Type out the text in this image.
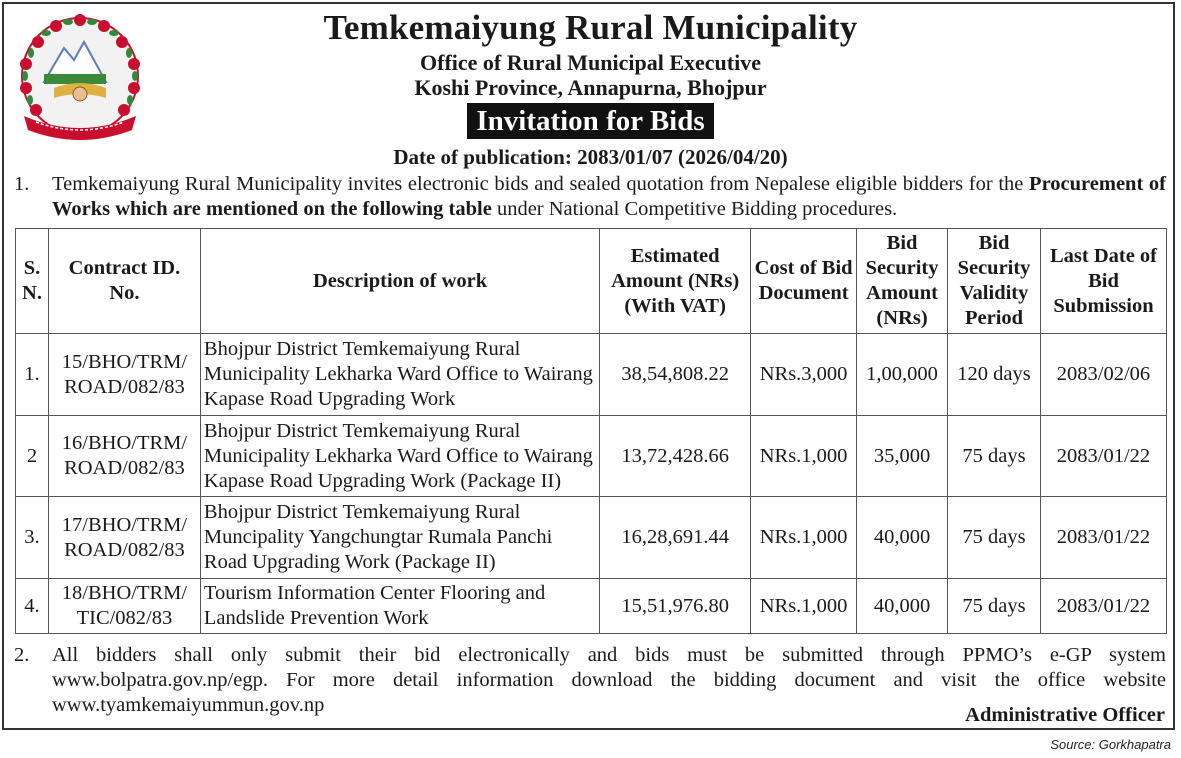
Temkemaiyung Rural Municipality
Office of Rural Municipal Executive
Koshi Province, Annapurna, Bhojpur
Invitation for Bids
Date of publication: 2083/01/07 (2026/04/20)
1. Temkemaiyung Rural Municipality invites electronic bids and sealed quotation from Nepalese eligible bidders for the Procurement of Works which are mentioned on the following table under National Competitive Bidding procedures.
S. N.	Contract ID. No.	Description of work	Estimated Amount (NRs) (With VAT)	Cost of Bid Document	Bid Security Amount (NRs)	Bid Security Validity Period	Last Date of Bid Submission
1.	15/BHO/TRM/ ROAD/082/83	Bhojpur District Temkemaiyung Rural Municipality Lekharka Ward Office to Wairang Kapase Road Upgrading Work	38,54,808.22	NRs.3,000	1,00,000	120 days	2083/02/06
2	16/BHO/TRM/ ROAD/082/83	Bhojpur District Temkemaiyung Rural Municipality Lekharka Ward Office to Wairang Kapase Road Upgrading Work (Package II)	13,72,428.66	NRs.1,000	35,000	75 days	2083/01/22
3.	17/BHO/TRM/ ROAD/082/83	Bhojpur District Temkemaiyung Rural Muncipality Yangchungtar Rumala Panchi Road Upgrading Work (Package II)	16,28,691.44	NRs.1,000	40,000	75 days	2083/01/22
4.	18/BHO/TRM/ TIC/082/83	Tourism Information Center Flooring and Landslide Prevention Work	15,51,976.80	NRs.1,000	40,000	75 days	2083/01/22
2. All bidders shall only submit their bid electronically and bids must be submitted through PPMO’s e-GP system www.bolpatra.gov.np/egp. For more detail information download the bidding document and visit the office website www.tyamkemaiyummun.gov.np	Administrative Officer
Source: Gorkhapatra
